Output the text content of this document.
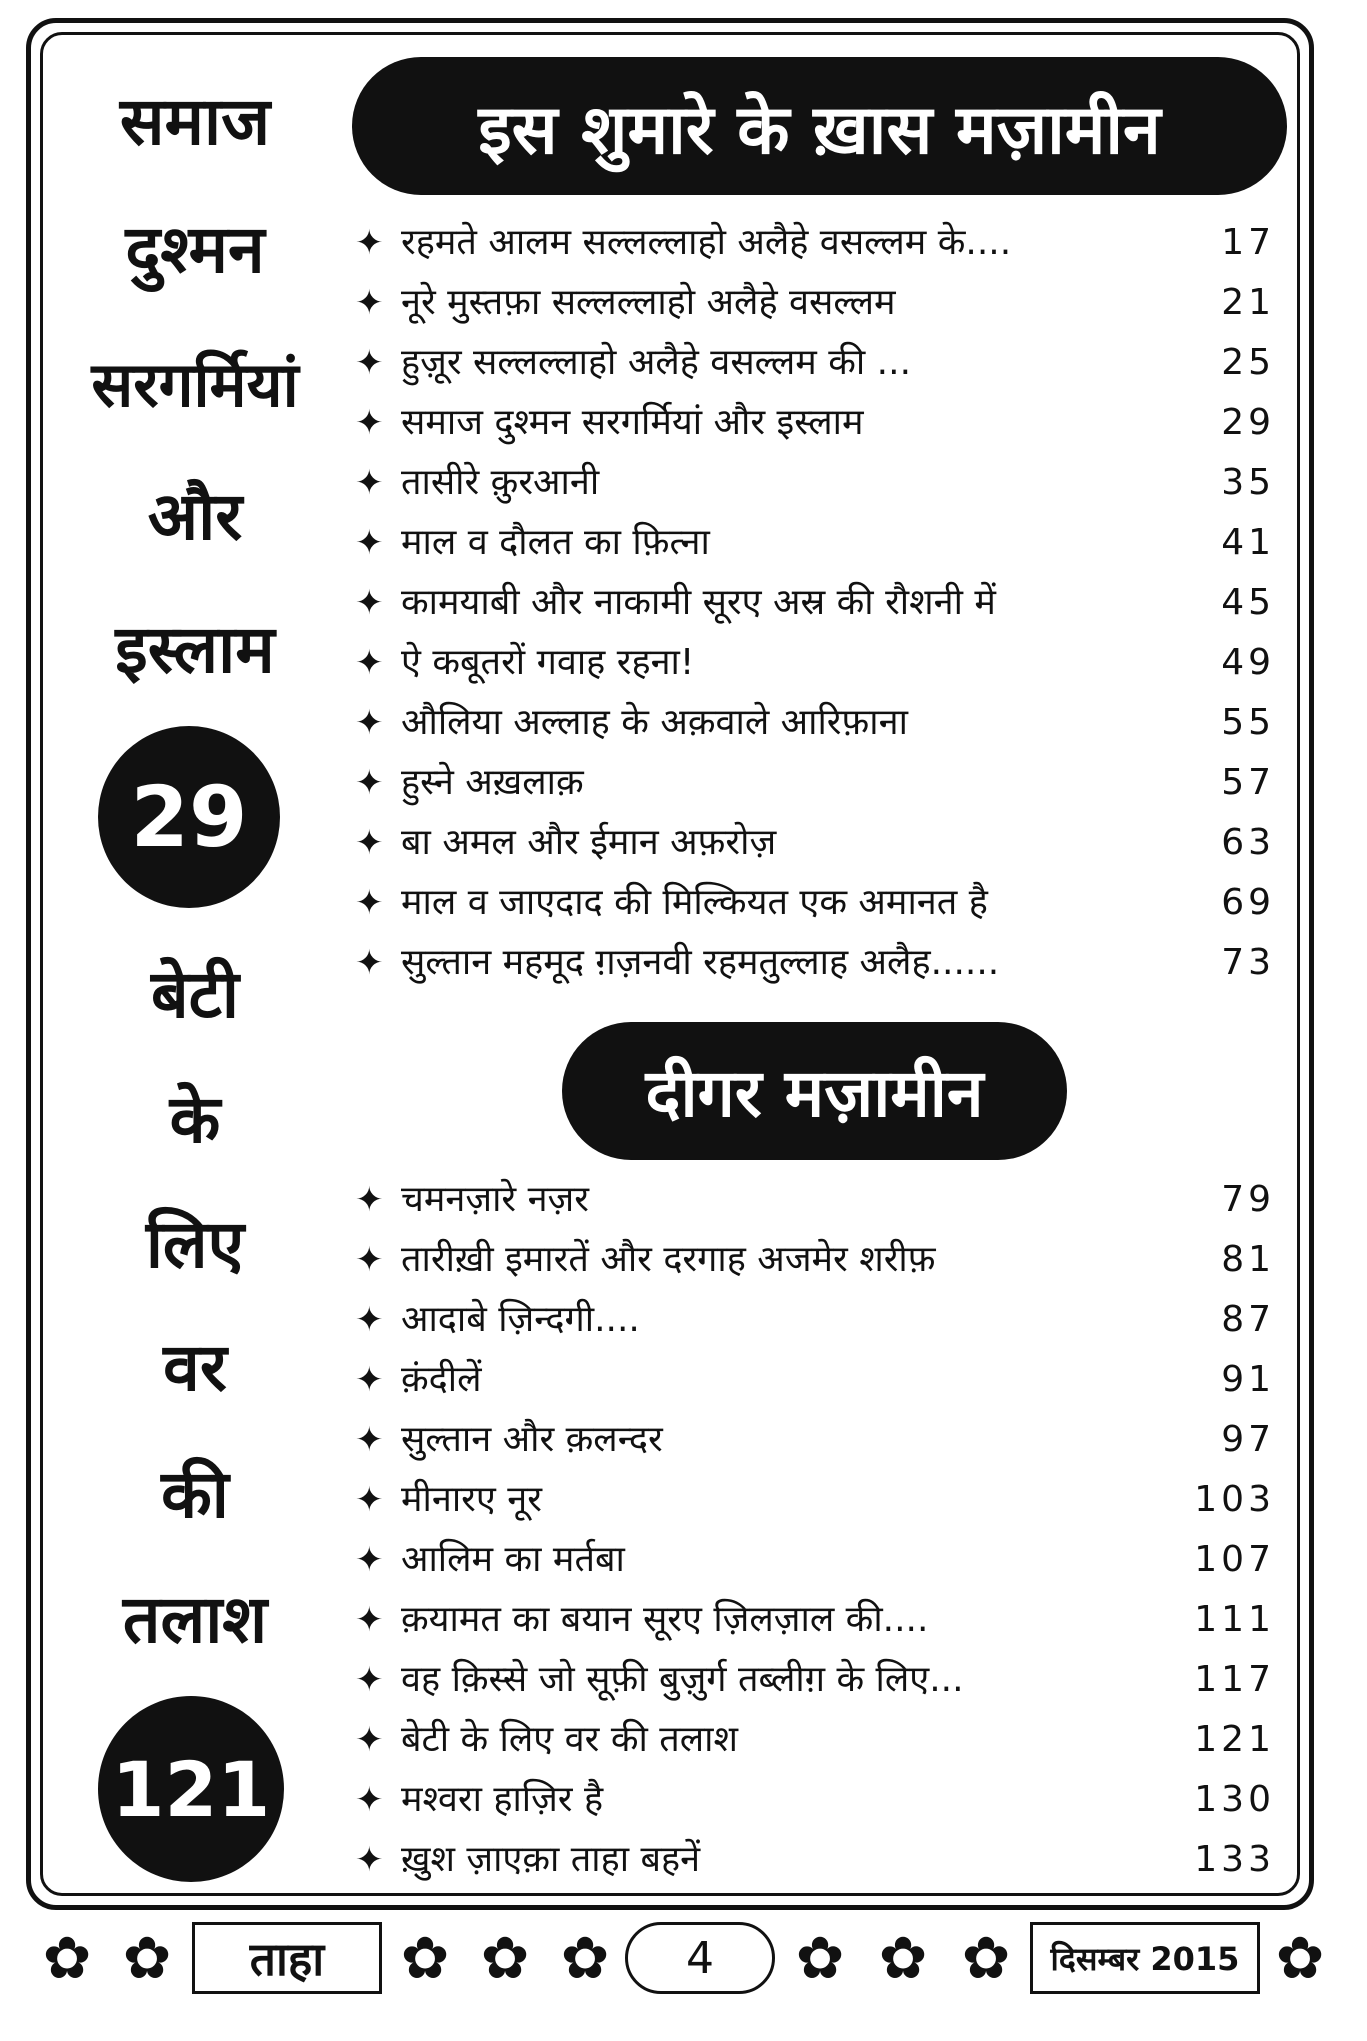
समाज
दुश्मन
सरगर्मियां
और
इस्लाम
29
बेटी
के
लिए
वर
की
तलाश
121
इस शुमारे के ख़ास मज़ामीन
✦ रहमते आलम सल्लल्लाहो अलैहे वसल्लम के....	17
✦ नूरे मुस्तफ़ा सल्लल्लाहो अलैहे वसल्लम	21
✦ हुज़ूर सल्लल्लाहो अलैहे वसल्लम की ...	25
✦ समाज दुश्मन सरगर्मियां और इस्लाम	29
✦ तासीरे क़ुरआनी	35
✦ माल व दौलत का फ़ित्ना	41
✦ कामयाबी और नाकामी सूरए अस्र की रौशनी में	45
✦ ऐ कबूतरों गवाह रहना!	49
✦ औलिया अल्लाह के अक़वाले आरिफ़ाना	55
✦ हुस्ने अख़लाक़	57
✦ बा अमल और ईमान अफ़रोज़	63
✦ माल व जाएदाद की मिल्कियत एक अमानत है	69
✦ सुल्तान महमूद ग़ज़नवी रहमतुल्लाह अलैह......	73
दीगर मज़ामीन
✦ चमनज़ारे नज़र	79
✦ तारीख़ी इमारतें और दरगाह अजमेर शरीफ़	81
✦ आदाबे ज़िन्दगी....	87
✦ क़ंदीलें	91
✦ सुल्तान और क़लन्दर	97
✦ मीनारए नूर	103
✦ आलिम का मर्तबा	107
✦ क़यामत का बयान सूरए ज़िलज़ाल की....	111
✦ वह क़िस्से जो सूफ़ी बुज़ुर्ग तब्लीग़ के लिए...	117
✦ बेटी के लिए वर की तलाश	121
✦ मश्वरा हाज़िर है	130
✦ ख़ुश ज़ाएक़ा ताहा बहनें	133
✿ ✿	ताहा	✿ ✿ ✿	4	✿ ✿ ✿	दिसम्बर 2015 ✿
